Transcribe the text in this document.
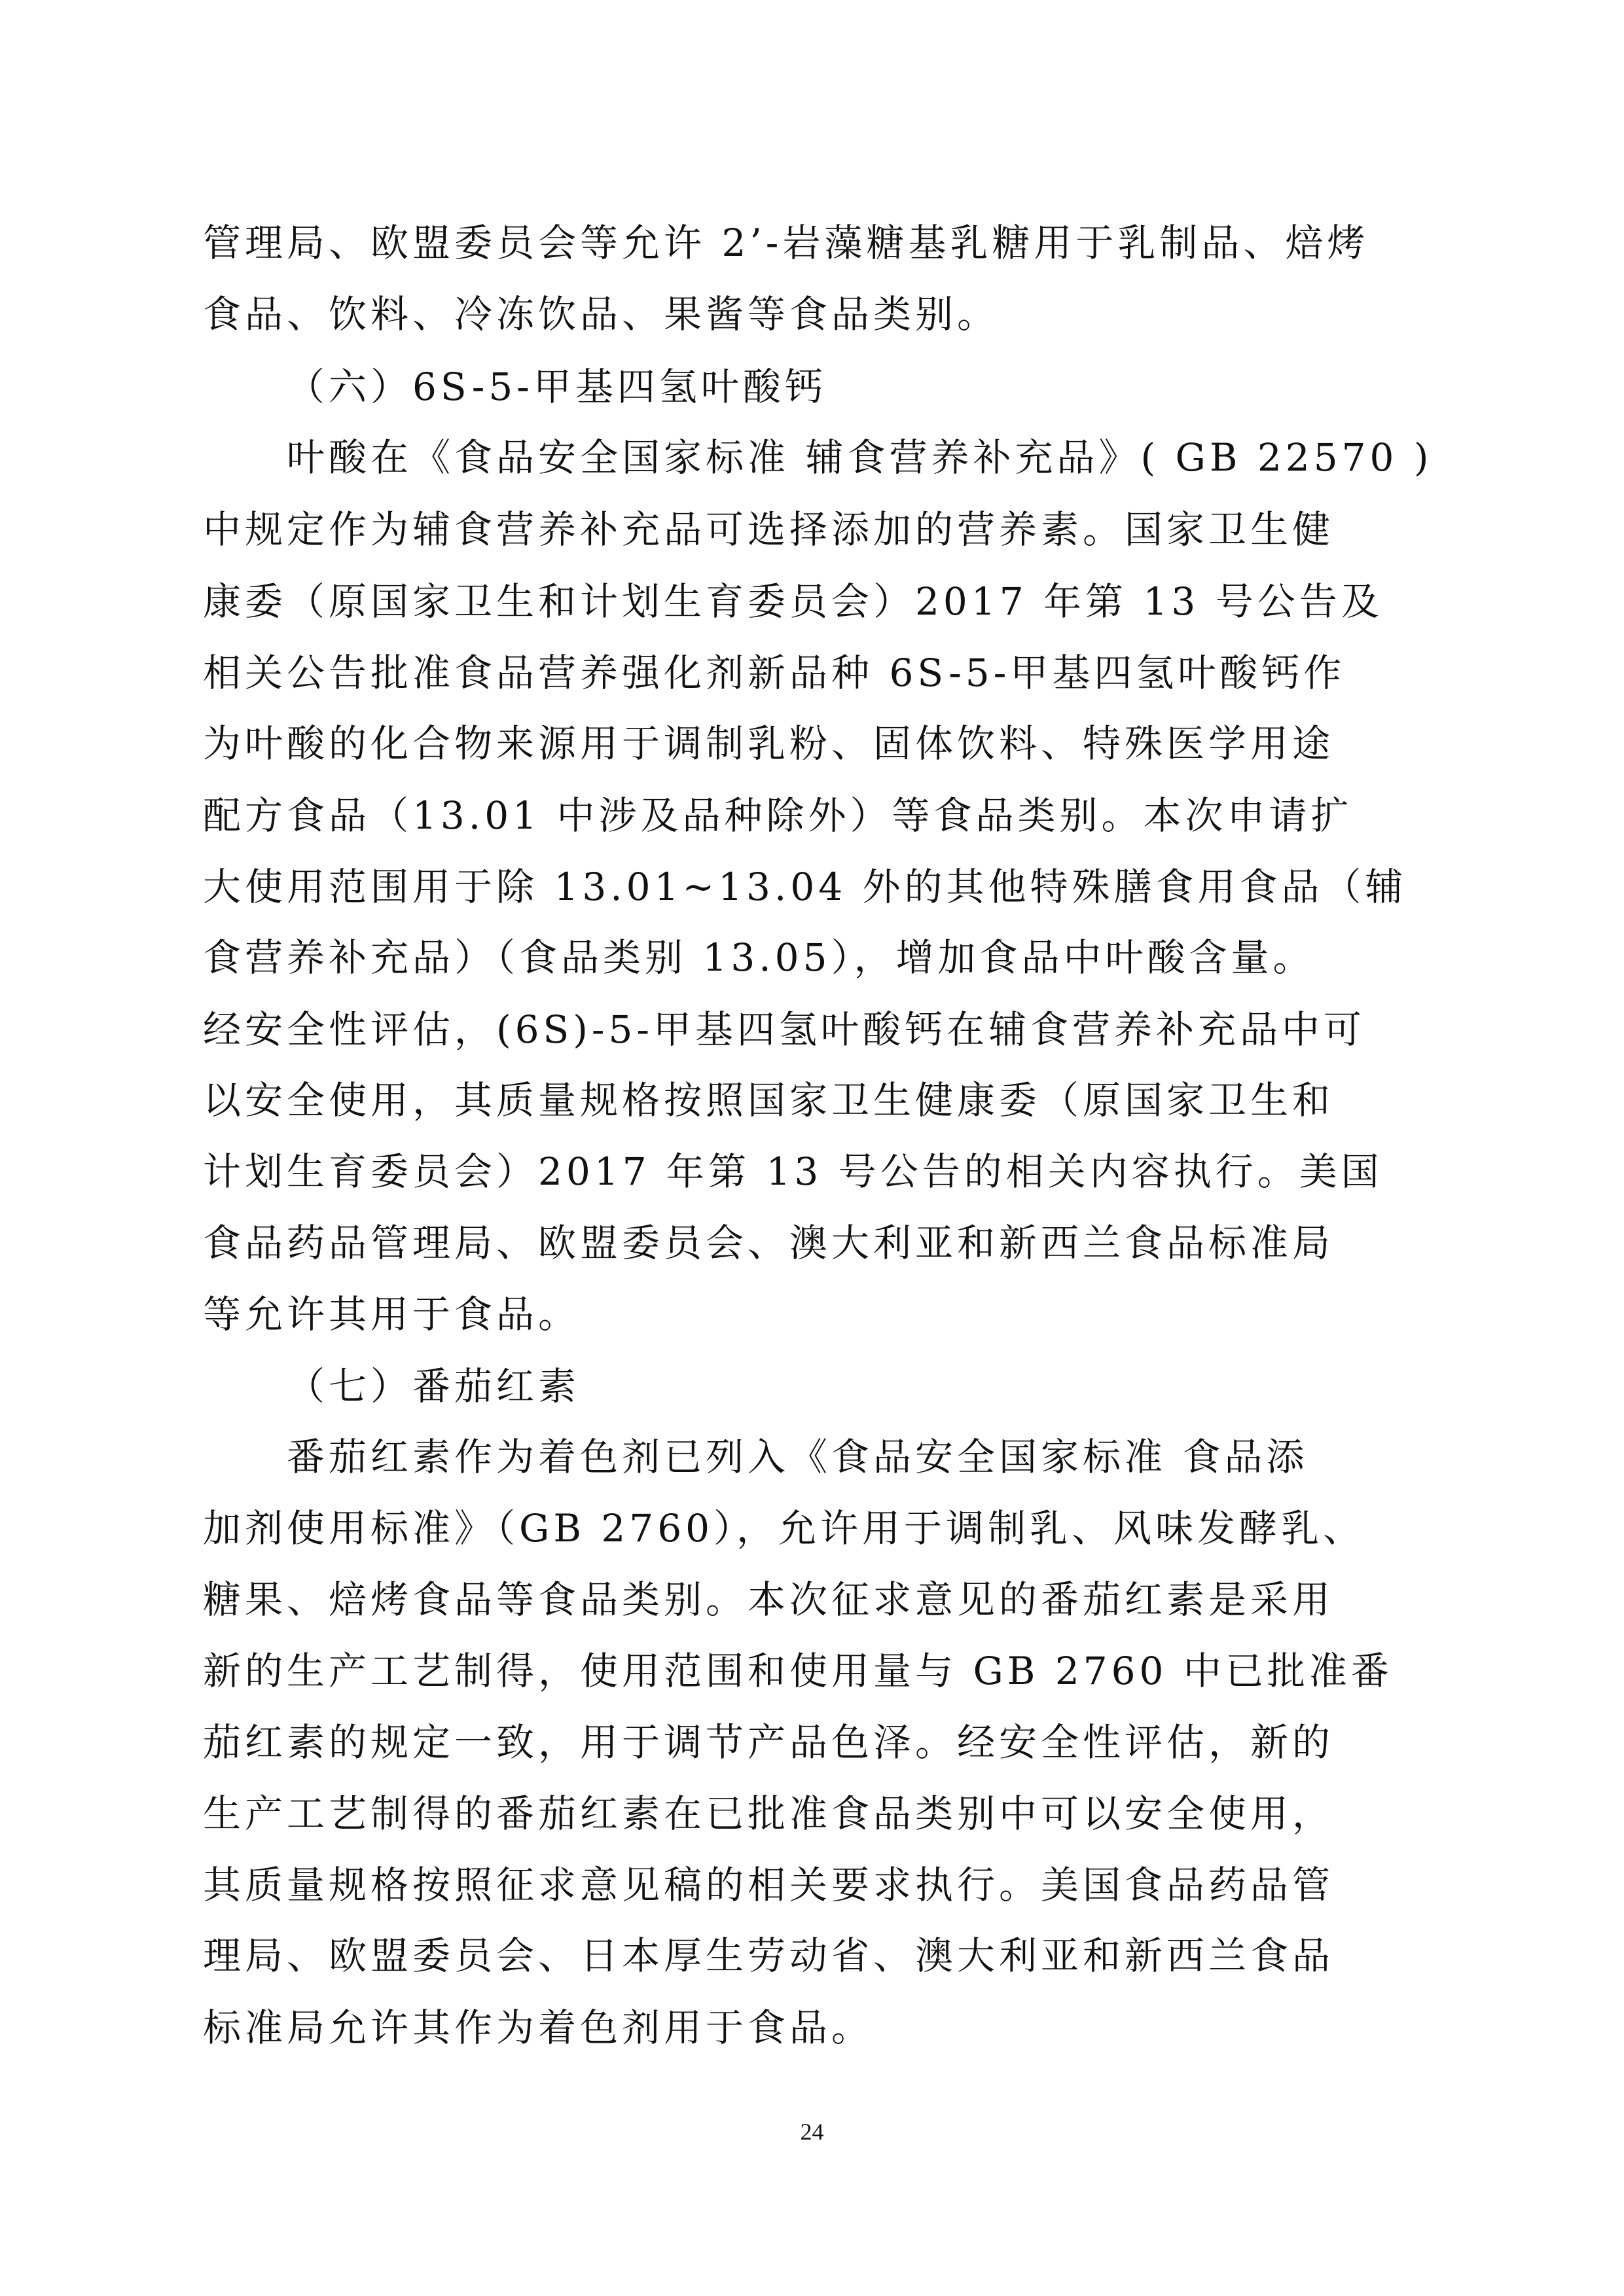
管理局、欧盟委员会等允许 2’-岩藻糖基乳糖用于乳制品、焙烤
食品、饮料、冷冻饮品、果酱等食品类别。
（六）6S-5-甲基四氢叶酸钙
叶酸在《食品安全国家标准 辅食营养补充品》( GB 22570 )
中规定作为辅食营养补充品可选择添加的营养素。国家卫生健
康委（原国家卫生和计划生育委员会）2017 年第 13 号公告及
相关公告批准食品营养强化剂新品种 6S-5-甲基四氢叶酸钙作
为叶酸的化合物来源用于调制乳粉、固体饮料、特殊医学用途
配方食品（13.01 中涉及品种除外）等食品类别。本次申请扩
大使用范围用于除 13.01~13.04 外的其他特殊膳食用食品（辅
食营养补充品）（食品类别 13.05），增加食品中叶酸含量。
经安全性评估，(6S)-5-甲基四氢叶酸钙在辅食营养补充品中可
以安全使用，其质量规格按照国家卫生健康委（原国家卫生和
计划生育委员会）2017 年第 13 号公告的相关内容执行。美国
食品药品管理局、欧盟委员会、澳大利亚和新西兰食品标准局
等允许其用于食品。
（七）番茄红素
番茄红素作为着色剂已列入《食品安全国家标准 食品添
加剂使用标准》（GB 2760），允许用于调制乳、风味发酵乳、
糖果、焙烤食品等食品类别。本次征求意见的番茄红素是采用
新的生产工艺制得，使用范围和使用量与 GB 2760 中已批准番
茄红素的规定一致，用于调节产品色泽。经安全性评估，新的
生产工艺制得的番茄红素在已批准食品类别中可以安全使用，
其质量规格按照征求意见稿的相关要求执行。美国食品药品管
理局、欧盟委员会、日本厚生劳动省、澳大利亚和新西兰食品
标准局允许其作为着色剂用于食品。
24
